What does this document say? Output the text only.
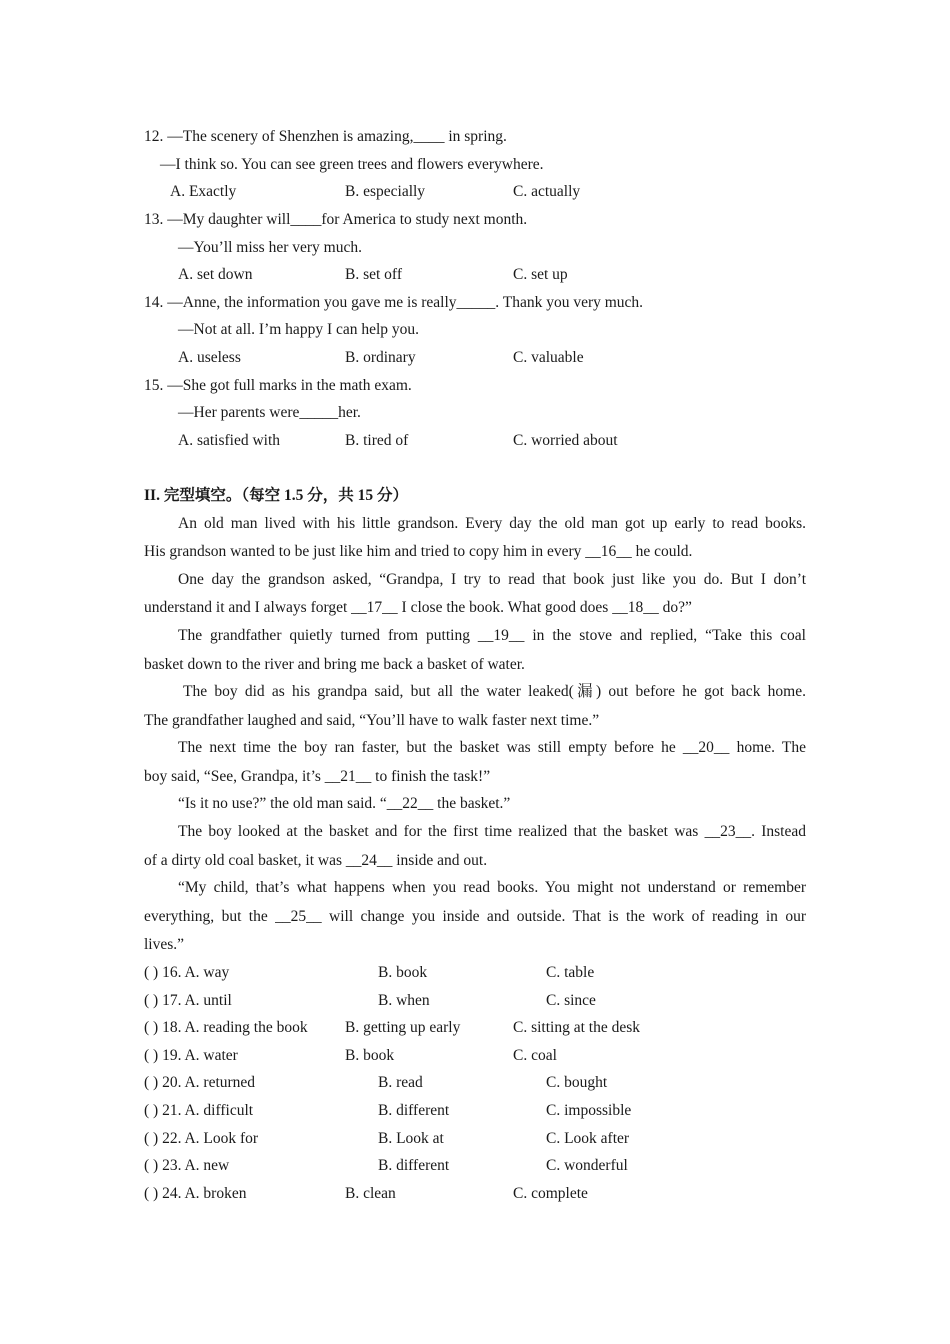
12. —The scenery of Shenzhen is amazing,____ in spring.
—I think so. You can see green trees and flowers everywhere.
A. Exactly	B. especially	C. actually
13. —My daughter will____for America to study next month.
—You’ll miss her very much.
A. set down	B. set off	C. set up
14. —Anne, the information you gave me is really_____. Thank you very much.
—Not at all. I’m happy I can help you.
A. useless	B. ordinary	C. valuable
15. —She got full marks in the math exam.
—Her parents were_____her.
A. satisfied with	B. tired of	C. worried about
II. 完型填空。（每空 1.5 分，共 15 分）
An old man lived with his little grandson. Every day the old man got up early to read books.
His grandson wanted to be just like him and tried to copy him in every __16__ he could.
One day the grandson asked, “Grandpa, I try to read that book just like you do. But I don’t
understand it and I always forget __17__ I close the book. What good does __18__ do?”
The grandfather quietly turned from putting __19__ in the stove and replied, “Take this coal
basket down to the river and bring me back a basket of water.
The boy did as his grandpa said, but all the water leaked(漏) out before he got back home.
The grandfather laughed and said, “You’ll have to walk faster next time.”
The next time the boy ran faster, but the basket was still empty before he __20__ home. The
boy said, “See, Grandpa, it’s __21__ to finish the task!”
“Is it no use?” the old man said. “__22__ the basket.”
The boy looked at the basket and for the first time realized that the basket was __23__. Instead
of a dirty old coal basket, it was __24__ inside and out.
“My child, that’s what happens when you read books. You might not understand or remember
everything, but the __25__ will change you inside and outside. That is the work of reading in our
lives.”
( ) 16. A. way	B. book	C. table
( ) 17. A. until	B. when	C. since
( ) 18. A. reading the book B. getting up early	C. sitting at the desk
( ) 19. A. water	B. book	C. coal
( ) 20. A. returned	B. read	C. bought
( ) 21. A. difficult	B. different	C. impossible
( ) 22. A. Look for	B. Look at	C. Look after
( ) 23. A. new	B. different	C. wonderful
( ) 24. A. broken	B. clean	C. complete
